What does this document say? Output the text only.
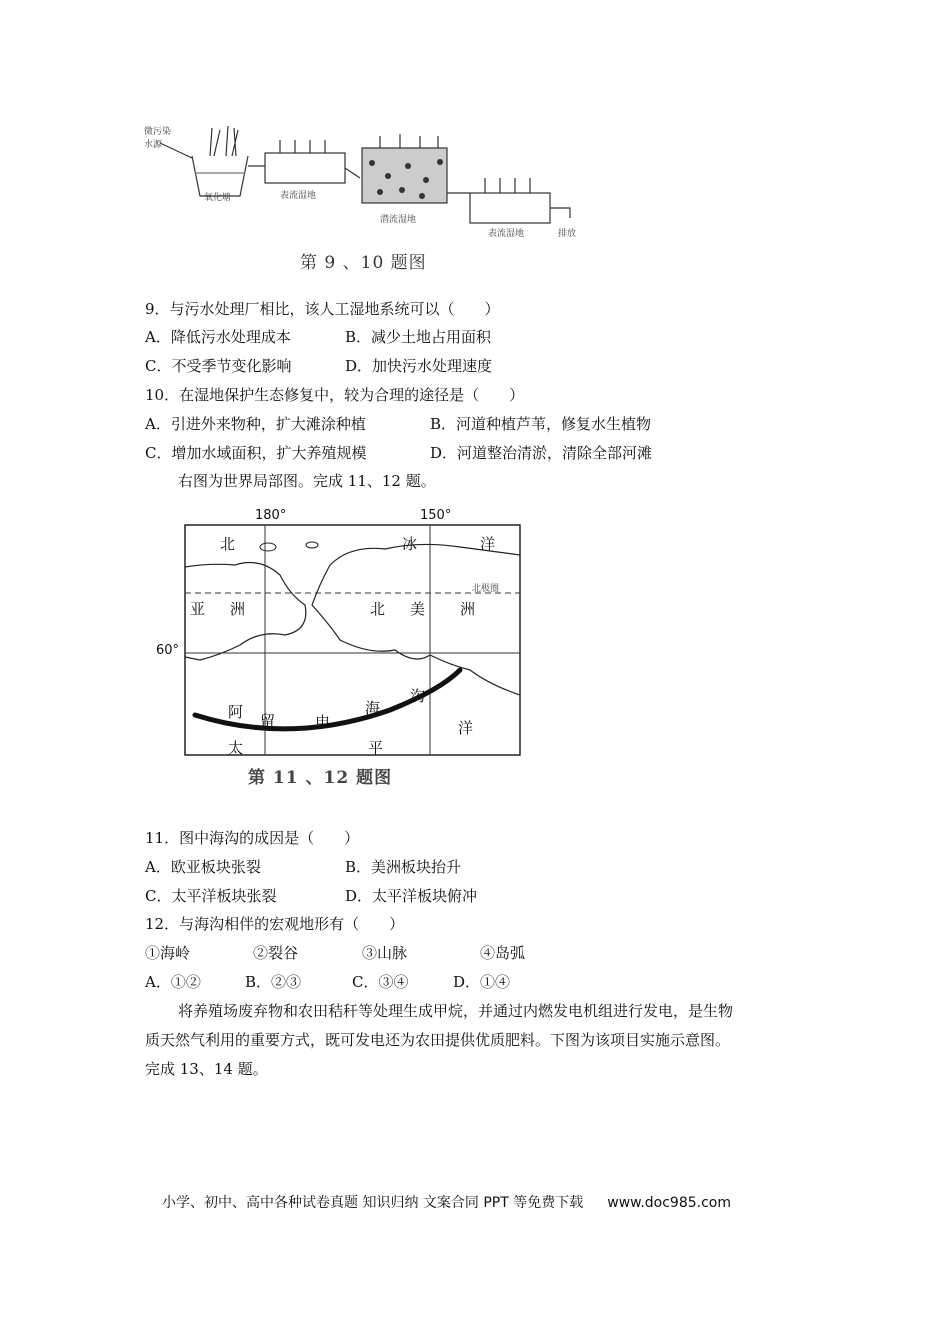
微污染
水源
氧化塘	表流湿地
潜流湿地
表流湿地	排放
第 9 、10 题图
9．与污水处理厂相比，该人工湿地系统可以（　　）
A．降低污水处理成本	B．减少土地占用面积
C．不受季节变化影响	D．加快污水处理速度
10．在湿地保护生态修复中，较为合理的途径是（　　）
A．引进外来物种，扩大滩涂种植	B．河道种植芦苇，修复水生植物
C．增加水域面积，扩大养殖规模	D．河道整治清淤，清除全部河滩
右图为世界局部图。完成 11、12 题。
180°	150°
60°
北极圈
北	冰	洋
亚 洲	北 美 洲
阿 留	申
海
沟
太	平
洋
第 11 、12 题图
11．图中海沟的成因是（　　）
A．欧亚板块张裂	B．美洲板块抬升
C．太平洋板块张裂	D．太平洋板块俯冲
12．与海沟相伴的宏观地形有（　　）
①海岭	②裂谷	③山脉	④岛弧
A．①②	B．②③	C．③④	D．①④
将养殖场废弃物和农田秸秆等处理生成甲烷，并通过内燃发电机组进行发电，是生物
质天然气利用的重要方式，既可发电还为农田提供优质肥料。下图为该项目实施示意图。
完成 13、14 题。
小学、初中、高中各种试卷真题 知识归纳 文案合同 PPT 等免费下载 www.doc985.com
